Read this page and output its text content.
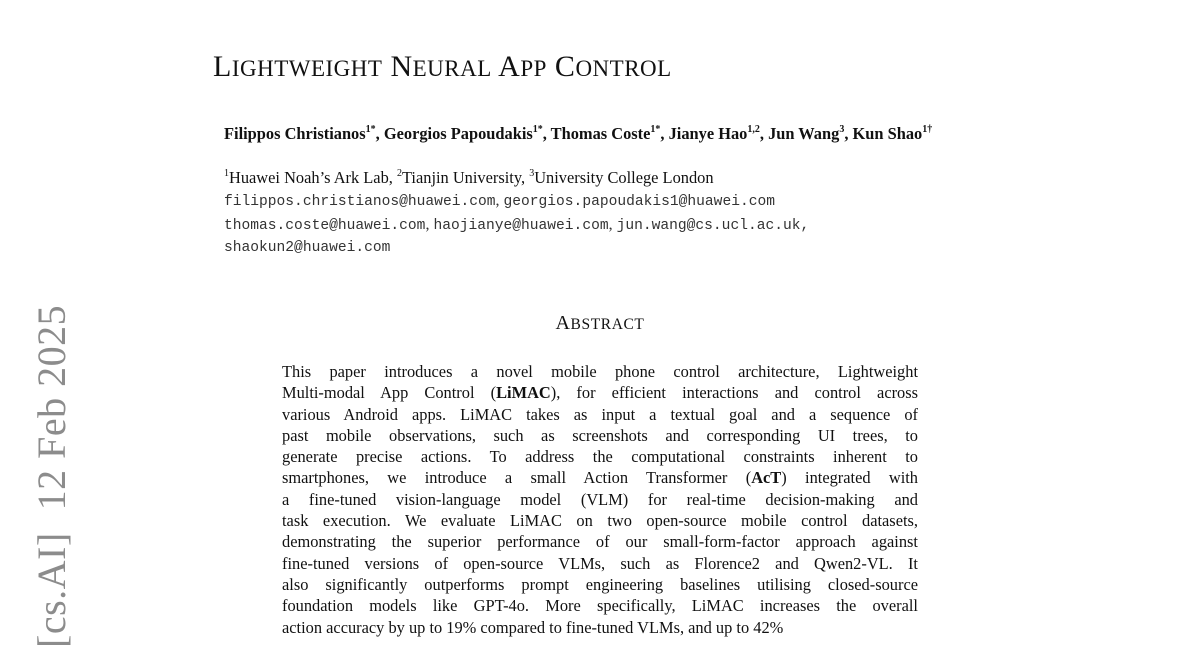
LIGHTWEIGHT NEURAL APP CONTROL
Filippos Christianos$^{1*}$, Georgios Papoudakis$^{1*}$, Thomas Coste$^{1*}$, Jianye Hao$^{1,2}$, Jun Wang$^3$, Kun Shao$^{1\dagger}$
$^1$Huawei Noah’s Ark Lab, $^2$Tianjin University, $^3$University College London
filippos.christianos@huawei.com, georgios.papoudakis1@huawei.com
thomas.coste@huawei.com, haojianye@huawei.com, jun.wang@cs.ucl.ac.uk,
shaokun2@huawei.com
ABSTRACT
This paper introduces a novel mobile phone control architecture, Lightweight
Multi-modal App Control (LiMAC), for efficient interactions and control across
various Android apps. LiMAC takes as input a textual goal and a sequence of
past mobile observations, such as screenshots and corresponding UI trees, to
generate precise actions. To address the computational constraints inherent to
smartphones, we introduce a small Action Transformer (AcT) integrated with
a fine-tuned vision-language model (VLM) for real-time decision-making and
task execution. We evaluate LiMAC on two open-source mobile control datasets,
demonstrating the superior performance of our small-form-factor approach against
fine-tuned versions of open-source VLMs, such as Florence2 and Qwen2-VL. It
also significantly outperforms prompt engineering baselines utilising closed-source
foundation models like GPT-4o. More specifically, LiMAC increases the overall
action accuracy by up to 19% compared to fine-tuned VLMs, and up to 42%
[cs.AI]12 Feb 2025
